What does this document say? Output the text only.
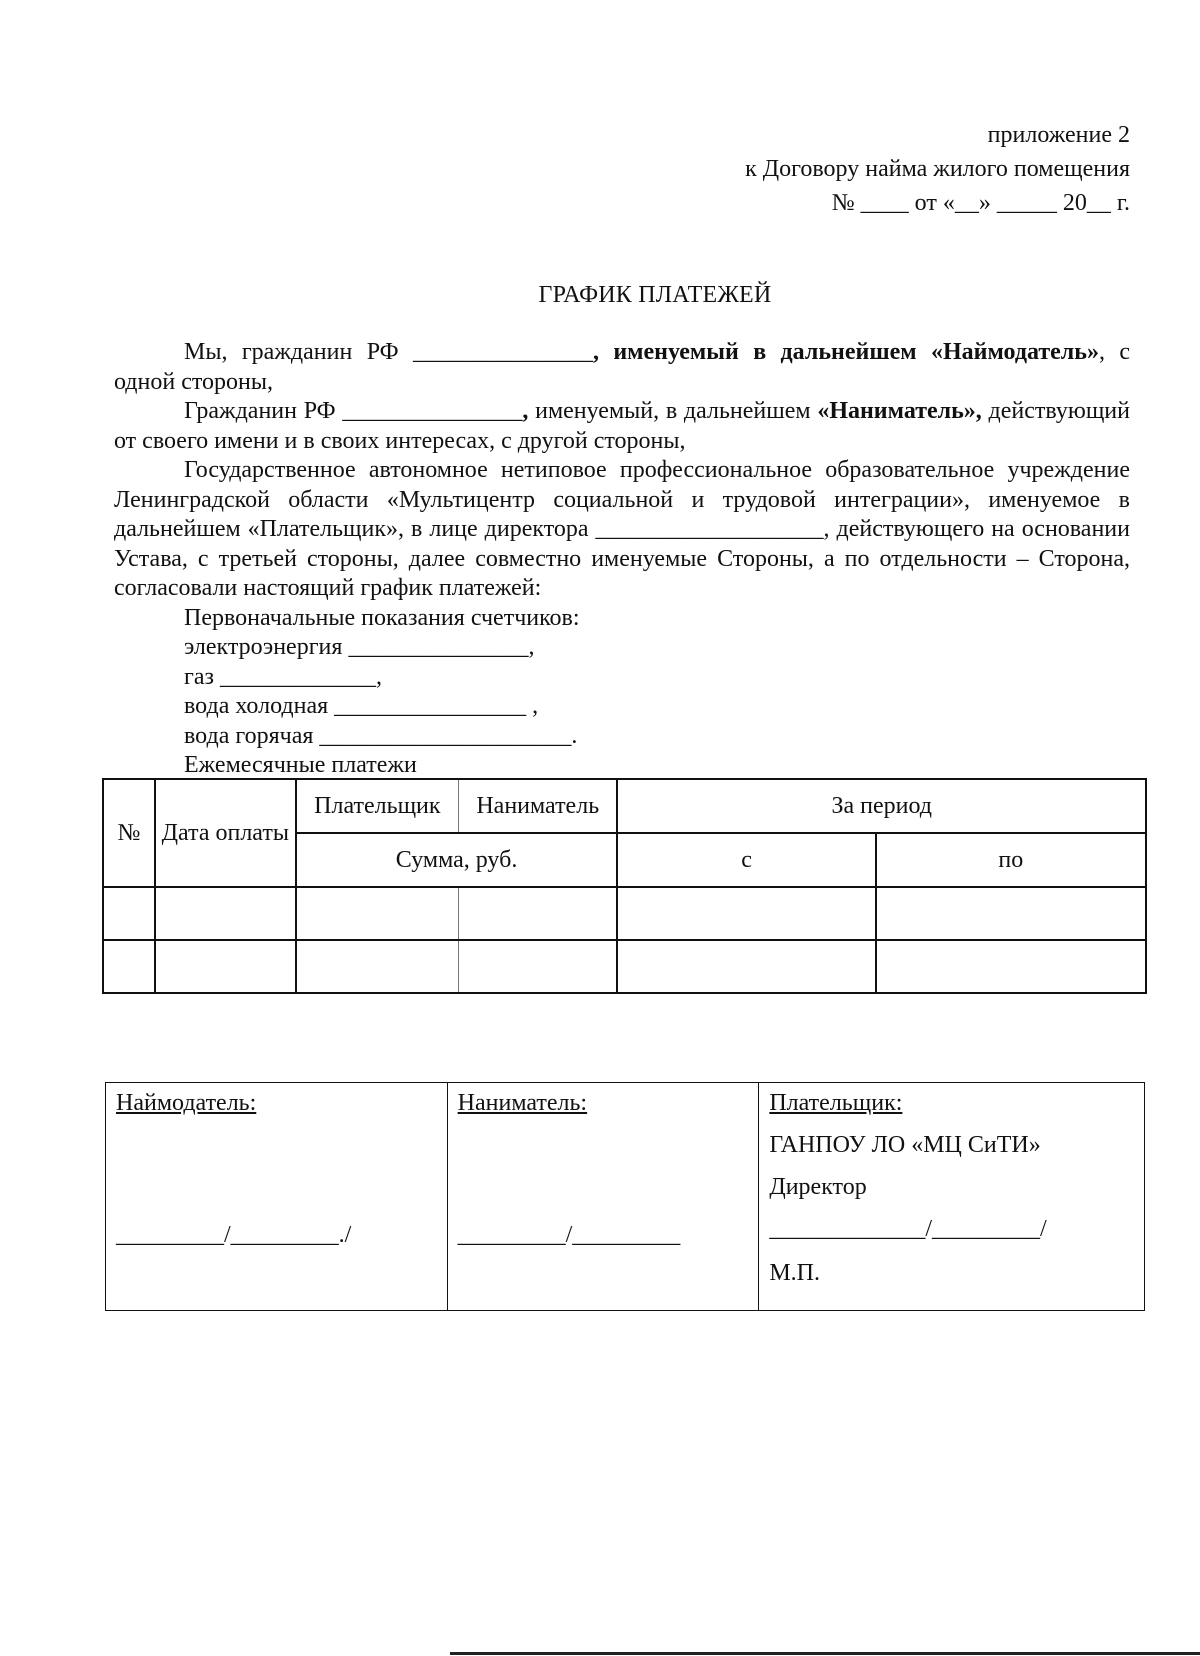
приложение 2
к Договору найма жилого помещения
№ ____ от «__» _____ 20__ г.
ГРАФИК ПЛАТЕЖЕЙ

Мы, гражданин РФ _______________, именуемый в дальнейшем «Наймодатель», с одной стороны,

Гражданин РФ _______________, именуемый, в дальнейшем «Наниматель», действующий от своего имени и в своих интересах, с другой стороны,

Государственное автономное нетиповое профессиональное образовательное учреждение Ленинградской области «Мультицентр социальной и трудовой интеграции», именуемое в дальнейшем «Плательщик», в лице директора ___________________, действующего на основании Устава, с третьей стороны, далее совместно именуемые Стороны, а по отдельности – Сторона, согласовали настоящий график платежей:

Первоначальные показания счетчиков:
электроэнергия _______________,
газ _____________,
вода холодная ________________ ,
вода горячая _____________________.
Ежемесячные платежи
№	Дата оплаты	Плательщик	Наниматель	За период	
		Сумма, руб.		с	по

Наймодатель:
_________/_________./

Наниматель:
_________/_________

Плательщик:
ГАНПОУ ЛО «МЦ СиТИ»
Директор
_____________/_________/
М.П.
